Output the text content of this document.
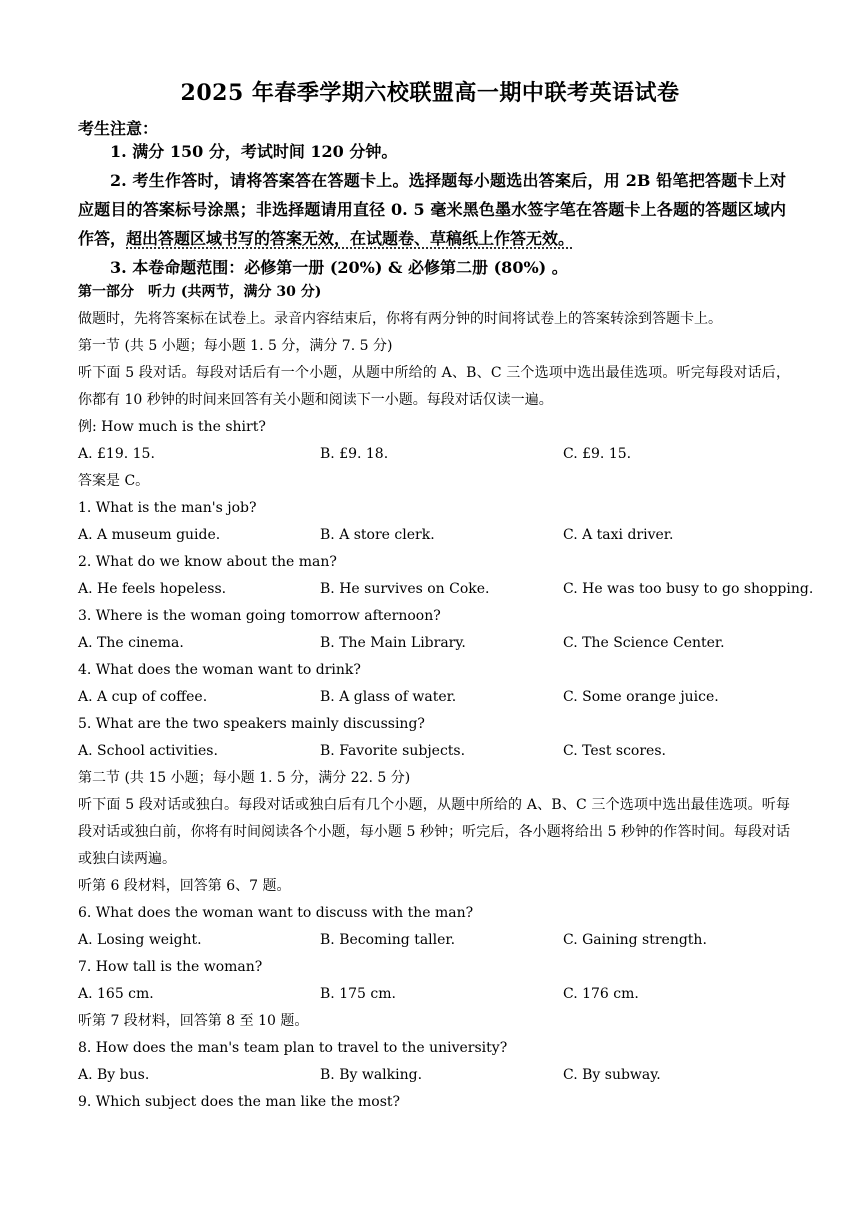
2025 年春季学期六校联盟高一期中联考英语试卷
考生注意：
1. 满分 150 分，考试时间 120 分钟。
2. 考生作答时，请将答案答在答题卡上。选择题每小题选出答案后，用 2B 铅笔把答题卡上对应题目的答案标号涂黑；非选择题请用直径 0. 5 毫米黑色墨水签字笔在答题卡上各题的答题区域内作答，超出答题区域书写的答案无效，在试题卷、草稿纸上作答无效。
3. 本卷命题范围：必修第一册 (20%) & 必修第二册 (80%) 。
第一部分　听力 (共两节，满分 30 分)
做题时，先将答案标在试卷上。录音内容结束后，你将有两分钟的时间将试卷上的答案转涂到答题卡上。
第一节 (共 5 小题；每小题 1. 5 分，满分 7. 5 分)
听下面 5 段对话。每段对话后有一个小题，从题中所给的 A、B、C 三个选项中选出最佳选项。听完每段对话后，你都有 10 秒钟的时间来回答有关小题和阅读下一小题。每段对话仅读一遍。
例: How much is the shirt?
A. £19. 15.	B. £9. 18.	C. £9. 15.
答案是 C。
1. What is the man's job?
A. A museum guide.	B. A store clerk.	C. A taxi driver.
2. What do we know about the man?
A. He feels hopeless.	B. He survives on Coke.	C. He was too busy to go shopping.
3. Where is the woman going tomorrow afternoon?
A. The cinema.	B. The Main Library.	C. The Science Center.
4. What does the woman want to drink?
A. A cup of coffee.	B. A glass of water.	C. Some orange juice.
5. What are the two speakers mainly discussing?
A. School activities.	B. Favorite subjects.	C. Test scores.
第二节 (共 15 小题；每小题 1. 5 分，满分 22. 5 分)
听下面 5 段对话或独白。每段对话或独白后有几个小题，从题中所给的 A、B、C 三个选项中选出最佳选项。听每段对话或独白前，你将有时间阅读各个小题，每小题 5 秒钟；听完后，各小题将给出 5 秒钟的作答时间。每段对话或独白读两遍。
听第 6 段材料，回答第 6、7 题。
6. What does the woman want to discuss with the man?
A. Losing weight.	B. Becoming taller.	C. Gaining strength.
7. How tall is the woman?
A. 165 cm.	B. 175 cm.	C. 176 cm.
听第 7 段材料，回答第 8 至 10 题。
8. How does the man's team plan to travel to the university?
A. By bus.	B. By walking.	C. By subway.
9. Which subject does the man like the most?
